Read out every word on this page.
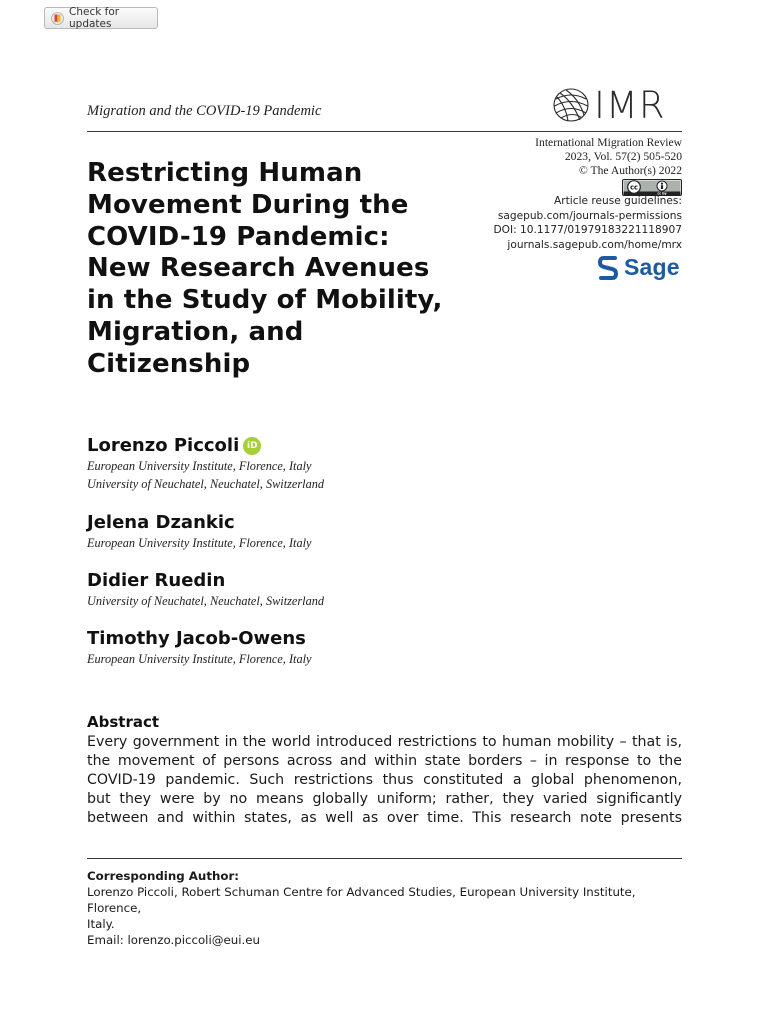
Check for updates
Migration and the COVID-19 Pandemic	IMR
International Migration Review
2023, Vol. 57(2) 505-520
© The Author(s) 2022
cc
cc by
Article reuse guidelines:
sagepub.com/journals-permissions
DOI: 10.1177/01979183221118907
journals.sagepub.com/home/mrx
Sage
Restricting Human
Movement During the
COVID-19 Pandemic:
New Research Avenues
in the Study of Mobility,
Migration, and
Citizenship
Lorenzo Piccoli iD
European University Institute, Florence, Italy
University of Neuchatel, Neuchatel, Switzerland
Jelena Dzankic
European University Institute, Florence, Italy
Didier Ruedin
University of Neuchatel, Neuchatel, Switzerland
Timothy Jacob-Owens
European University Institute, Florence, Italy
Abstract
Every government in the world introduced restrictions to human mobility – that is,
the movement of persons across and within state borders – in response to the
COVID-19 pandemic. Such restrictions thus constituted a global phenomenon,
but they were by no means globally uniform; rather, they varied significantly
between and within states, as well as over time. This research note presents
Corresponding Author:
Lorenzo Piccoli, Robert Schuman Centre for Advanced Studies, European University Institute, Florence,
Italy.
Email: lorenzo.piccoli@eui.eu
